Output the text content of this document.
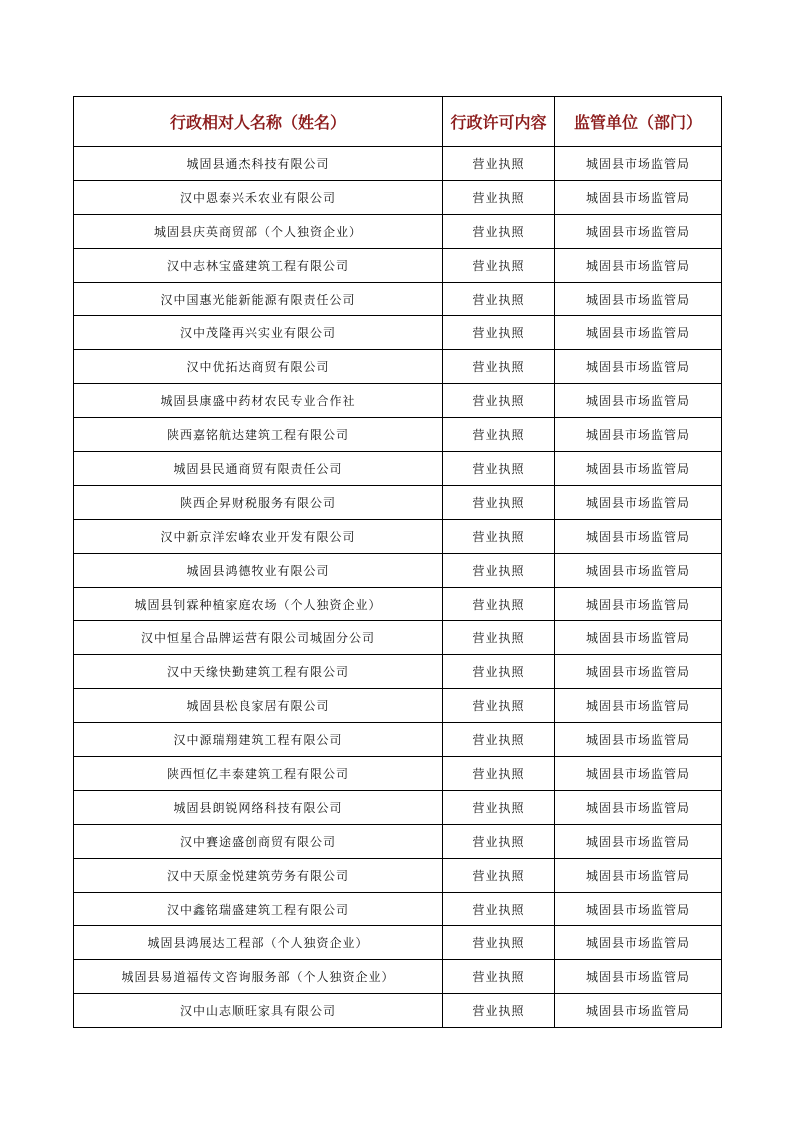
行政相对人名称（姓名）	行政许可内容	监管单位（部门）
城固县通杰科技有限公司	营业执照	城固县市场监管局
汉中恩泰兴禾农业有限公司	营业执照	城固县市场监管局
城固县庆英商贸部（个人独资企业）	营业执照	城固县市场监管局
汉中志林宝盛建筑工程有限公司	营业执照	城固县市场监管局
汉中国惠光能新能源有限责任公司	营业执照	城固县市场监管局
汉中茂隆再兴实业有限公司	营业执照	城固县市场监管局
汉中优拓达商贸有限公司	营业执照	城固县市场监管局
城固县康盛中药材农民专业合作社	营业执照	城固县市场监管局
陕西嘉铭航达建筑工程有限公司	营业执照	城固县市场监管局
城固县民通商贸有限责任公司	营业执照	城固县市场监管局
陕西企昇财税服务有限公司	营业执照	城固县市场监管局
汉中新京洋宏峰农业开发有限公司	营业执照	城固县市场监管局
城固县鸿德牧业有限公司	营业执照	城固县市场监管局
城固县钊霖种植家庭农场（个人独资企业）	营业执照	城固县市场监管局
汉中恒星合品牌运营有限公司城固分公司	营业执照	城固县市场监管局
汉中天缘快勤建筑工程有限公司	营业执照	城固县市场监管局
城固县松良家居有限公司	营业执照	城固县市场监管局
汉中源瑞翔建筑工程有限公司	营业执照	城固县市场监管局
陕西恒亿丰泰建筑工程有限公司	营业执照	城固县市场监管局
城固县朗锐网络科技有限公司	营业执照	城固县市场监管局
汉中賽途盛创商贸有限公司	营业执照	城固县市场监管局
汉中天原金悦建筑劳务有限公司	营业执照	城固县市场监管局
汉中鑫铭瑞盛建筑工程有限公司	营业执照	城固县市场监管局
城固县鸿展达工程部（个人独资企业）	营业执照	城固县市场监管局
城固县易道福传文咨询服务部（个人独资企业）	营业执照	城固县市场监管局
汉中山志顺旺家具有限公司	营业执照	城固县市场监管局
